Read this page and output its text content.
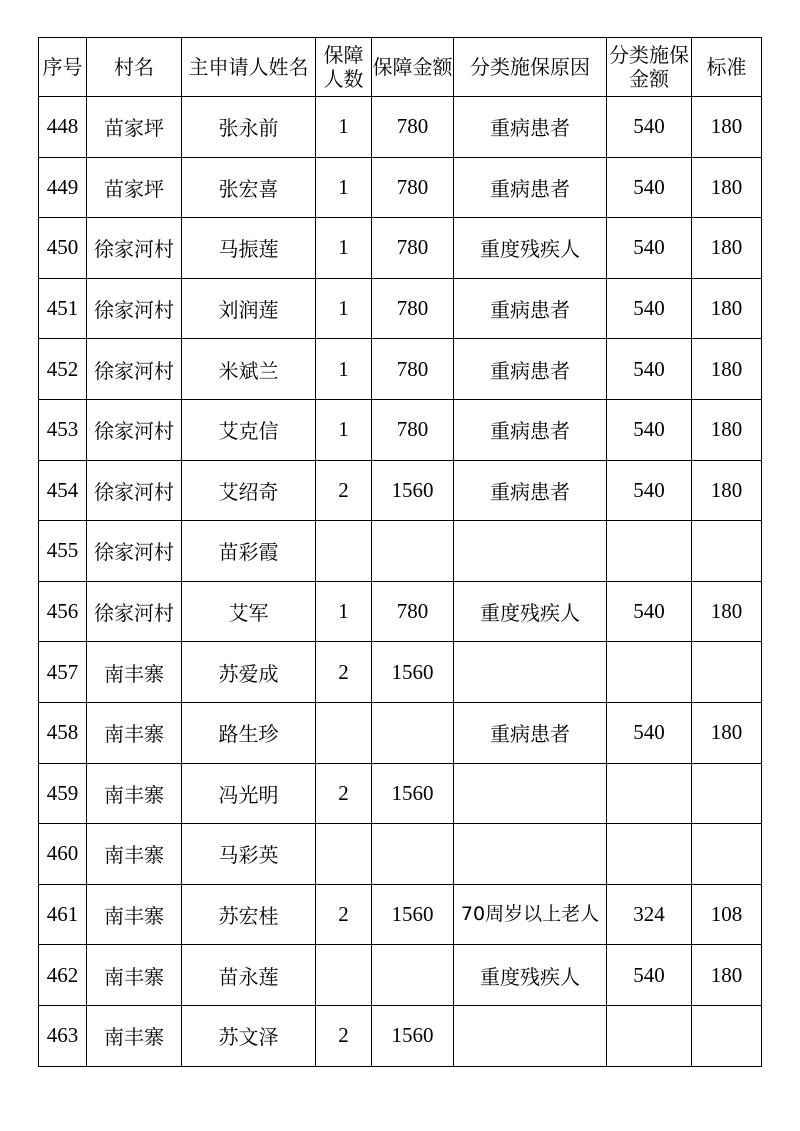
序号	村名	主申请人姓名	保障人数	保障金额	分类施保原因	分类施保金额	标准
448	苗家坪	张永前	1	780	重病患者	540	180
449	苗家坪	张宏喜	1	780	重病患者	540	180
450	徐家河村	马振莲	1	780	重度残疾人	540	180
451	徐家河村	刘润莲	1	780	重病患者	540	180
452	徐家河村	米斌兰	1	780	重病患者	540	180
453	徐家河村	艾克信	1	780	重病患者	540	180
454	徐家河村	艾绍奇	2	1560	重病患者	540	180
455	徐家河村	苗彩霞					
456	徐家河村	艾军	1	780	重度残疾人	540	180
457	南丰寨	苏爱成	2	1560			
458	南丰寨	路生珍			重病患者	540	180
459	南丰寨	冯光明	2	1560			
460	南丰寨	马彩英					
461	南丰寨	苏宏桂	2	1560	70周岁以上老人	324	108
462	南丰寨	苗永莲			重度残疾人	540	180
463	南丰寨	苏文泽	2	1560			
